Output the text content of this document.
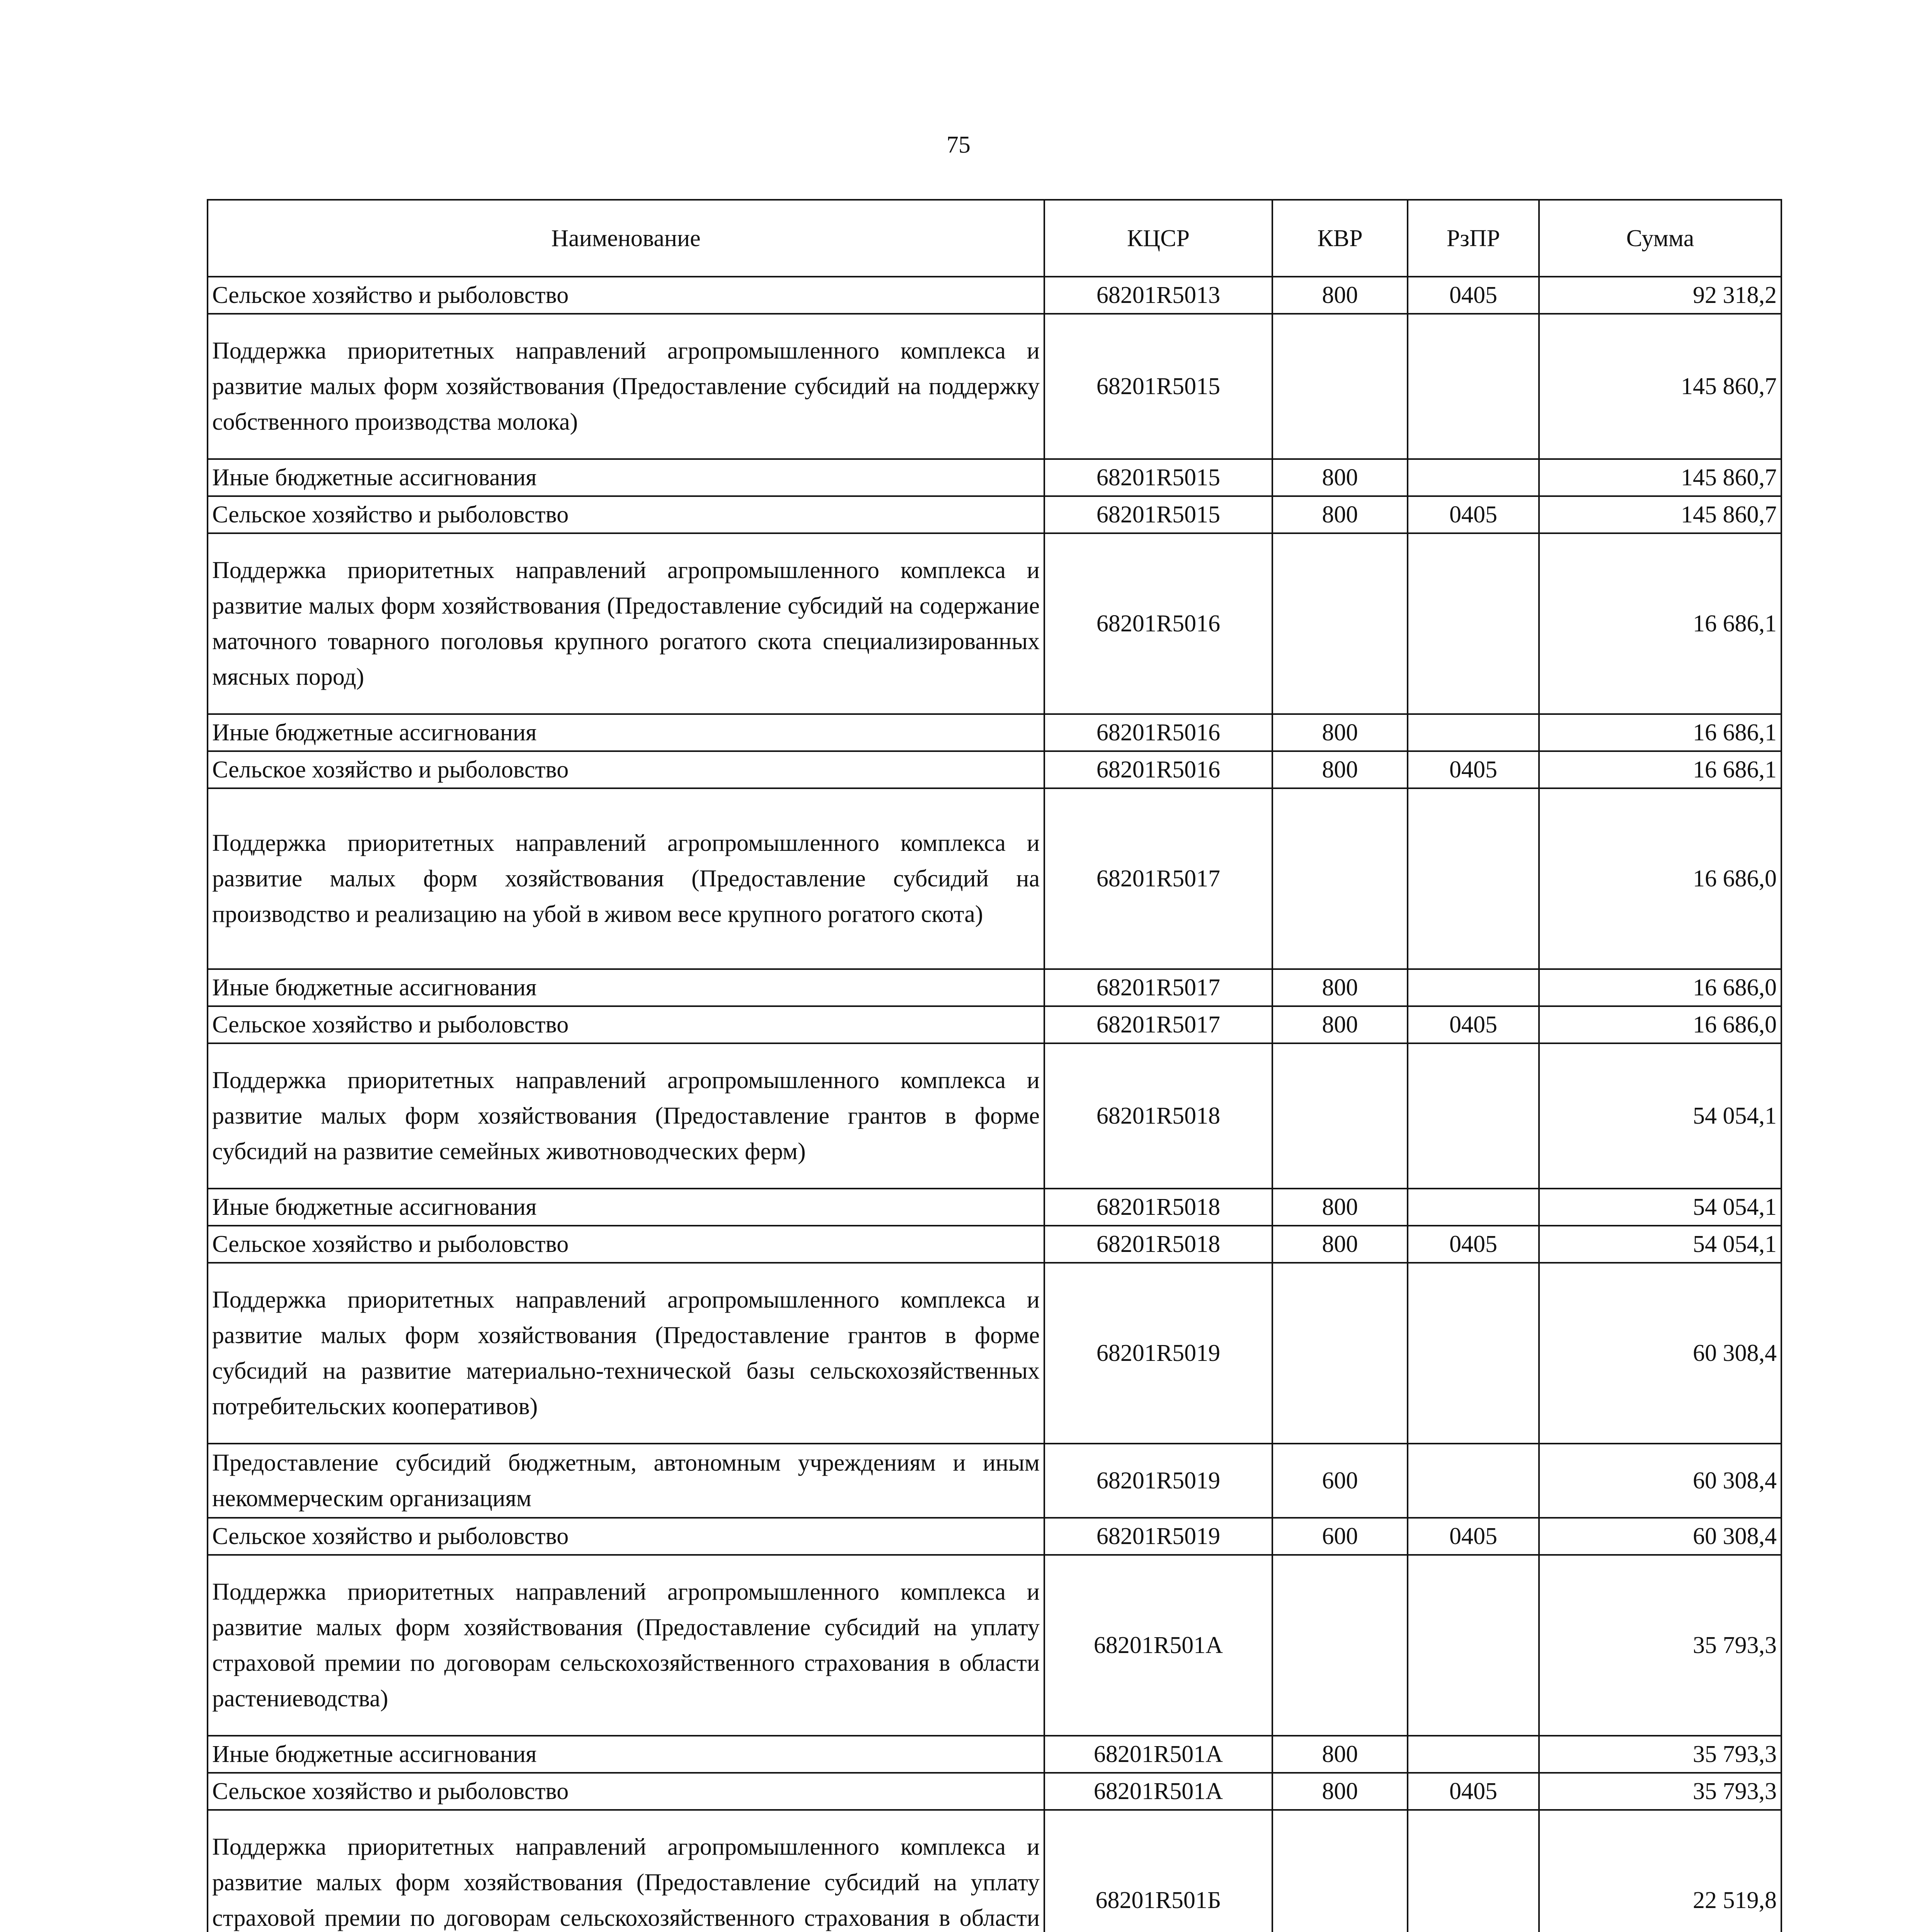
75
Наименование	КЦСР	КВР	РзПР	Сумма
Сельское хозяйство и рыболовство	68201R5013	800	0405	92 318,2
Поддержка приоритетных направлений агропромышленного комплекса и развитие малых форм хозяйствования (Предоставление субсидий на поддержку собственного производства молока)	68201R5015			145 860,7
Иные бюджетные ассигнования	68201R5015	800		145 860,7
Сельское хозяйство и рыболовство	68201R5015	800	0405	145 860,7
Поддержка приоритетных направлений агропромышленного комплекса и развитие малых форм хозяйствования (Предоставление субсидий на содержание маточного товарного поголовья крупного рогатого скота специализированных мясных пород)	68201R5016			16 686,1
Иные бюджетные ассигнования	68201R5016	800		16 686,1
Сельское хозяйство и рыболовство	68201R5016	800	0405	16 686,1
Поддержка приоритетных направлений агропромышленного комплекса и развитие малых форм хозяйствования (Предоставление субсидий на производство и реализацию на убой в живом весе крупного рогатого скота)	68201R5017			16 686,0
Иные бюджетные ассигнования	68201R5017	800		16 686,0
Сельское хозяйство и рыболовство	68201R5017	800	0405	16 686,0
Поддержка приоритетных направлений агропромышленного комплекса и развитие малых форм хозяйствования (Предоставление грантов в форме субсидий на развитие семейных животноводческих ферм)	68201R5018			54 054,1
Иные бюджетные ассигнования	68201R5018	800		54 054,1
Сельское хозяйство и рыболовство	68201R5018	800	0405	54 054,1
Поддержка приоритетных направлений агропромышленного комплекса и развитие малых форм хозяйствования (Предоставление грантов в форме субсидий на развитие материально-технической базы сельскохозяйственных потребительских кооперативов)	68201R5019			60 308,4
Предоставление субсидий бюджетным, автономным учреждениям и иным некоммерческим организациям	68201R5019	600		60 308,4
Сельское хозяйство и рыболовство	68201R5019	600	0405	60 308,4
Поддержка приоритетных направлений агропромышленного комплекса и развитие малых форм хозяйствования (Предоставление субсидий на уплату страховой премии по договорам сельскохозяйственного страхования в области растениеводства)	68201R501А			35 793,3
Иные бюджетные ассигнования	68201R501А	800		35 793,3
Сельское хозяйство и рыболовство	68201R501А	800	0405	35 793,3
Поддержка приоритетных направлений агропромышленного комплекса и развитие малых форм хозяйствования (Предоставление субсидий на уплату страховой премии по договорам сельскохозяйственного страхования в области	68201R501Б			22 519,8
